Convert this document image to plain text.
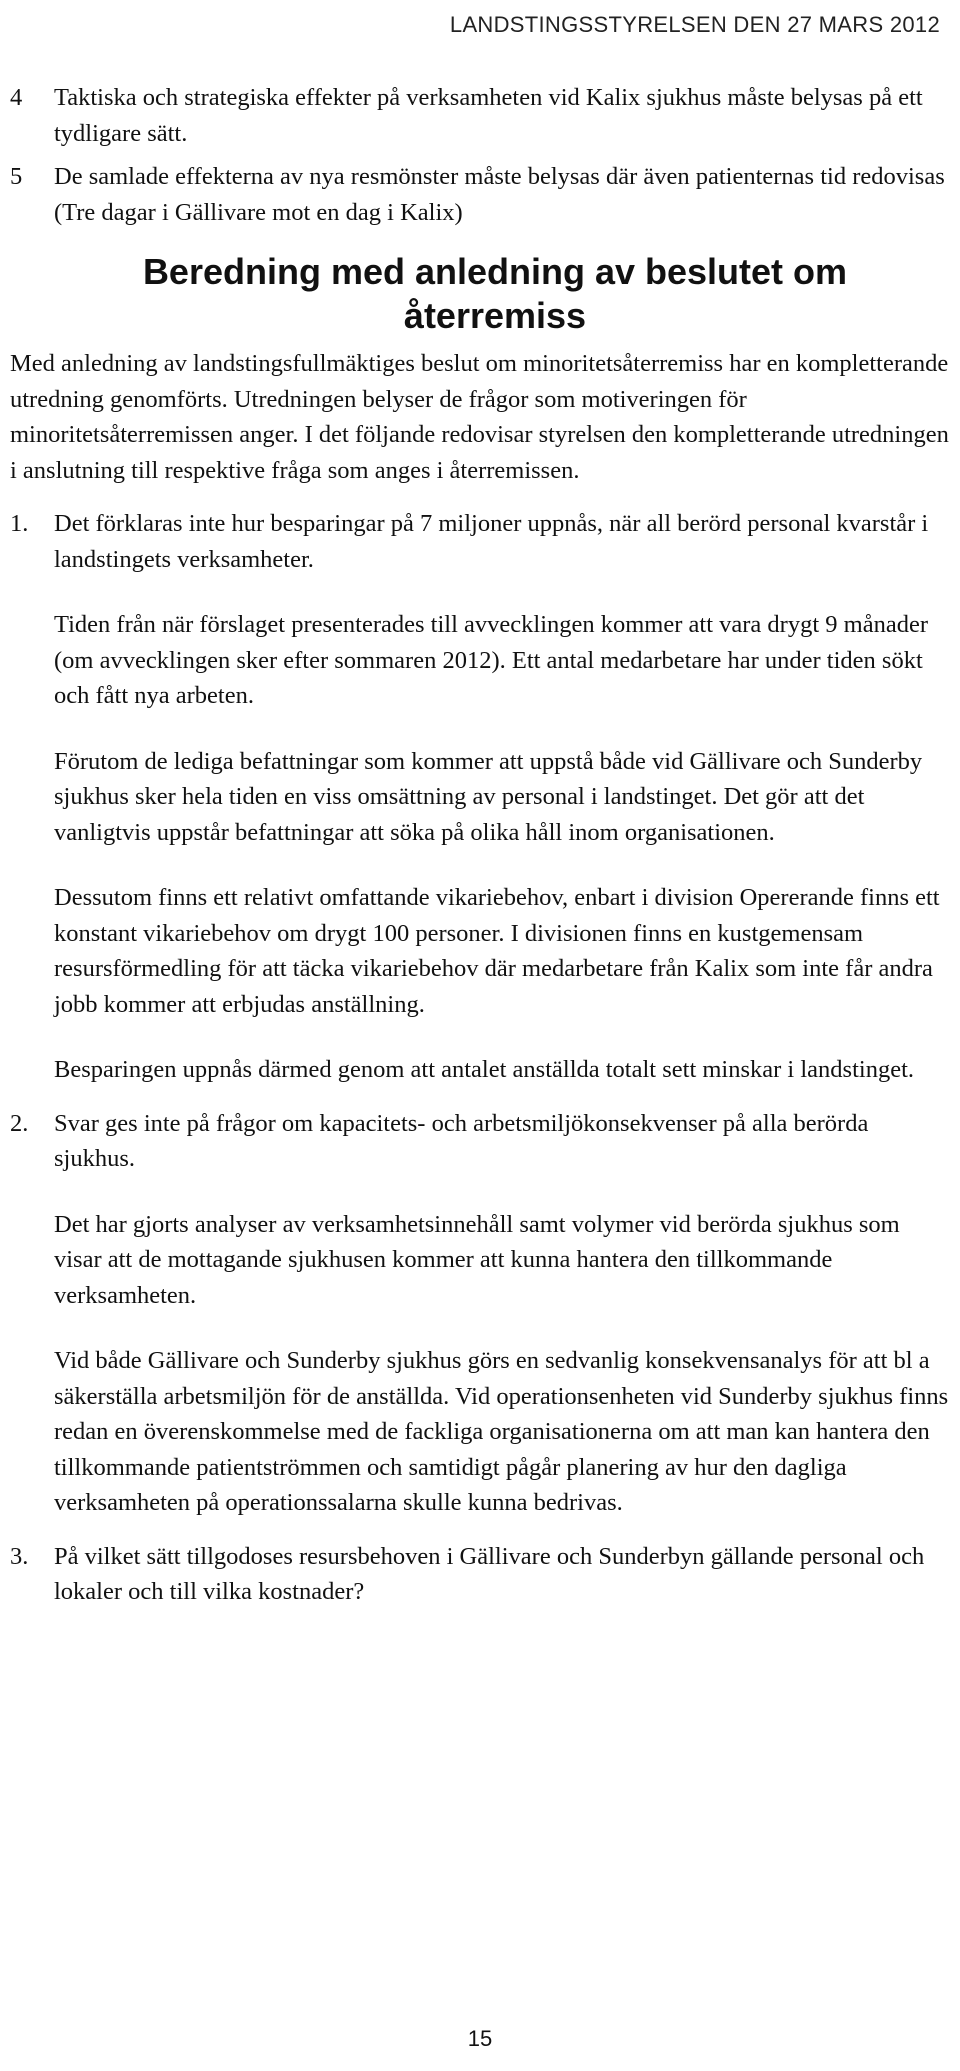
LANDSTINGSSTYRELSEN DEN 27 MARS 2012
4 Taktiska och strategiska effekter på verksamheten vid Kalix sjukhus måste belysas på ett tydligare sätt.

5 De samlade effekterna av nya resmönster måste belysas där även patienternas tid redovisas (Tre dagar i Gällivare mot en dag i Kalix)

Beredning med anledning av beslutet om återremiss

Med anledning av landstingsfullmäktiges beslut om minoritetsåterremiss har en kompletterande utredning genomförts. Utredningen belyser de frågor som motiveringen för minoritetsåterremissen anger. I det följande redovisar styrelsen den kompletterande utredningen i anslutning till respektive fråga som anges i återremissen.

1. Det förklaras inte hur besparingar på 7 miljoner uppnås, när all berörd personal kvarstår i landstingets verksamheter.

Tiden från när förslaget presenterades till avvecklingen kommer att vara drygt 9 månader (om avvecklingen sker efter sommaren 2012). Ett antal medarbetare har under tiden sökt och fått nya arbeten.

Förutom de lediga befattningar som kommer att uppstå både vid Gällivare och Sunderby sjukhus sker hela tiden en viss omsättning av personal i landstinget. Det gör att det vanligtvis uppstår befattningar att söka på olika håll inom organisationen.

Dessutom finns ett relativt omfattande vikariebehov, enbart i division Opererande finns ett konstant vikariebehov om drygt 100 personer. I divisionen finns en kustgemensam resursförmedling för att täcka vikariebehov där medarbetare från Kalix som inte får andra jobb kommer att erbjudas anställning.

Besparingen uppnås därmed genom att antalet anställda totalt sett minskar i landstinget.

2. Svar ges inte på frågor om kapacitets- och arbetsmiljökonsekvenser på alla berörda sjukhus.

Det har gjorts analyser av verksamhetsinnehåll samt volymer vid berörda sjukhus som visar att de mottagande sjukhusen kommer att kunna hantera den tillkommande verksamheten.

Vid både Gällivare och Sunderby sjukhus görs en sedvanlig konsekvensanalys för att bl a säkerställa arbetsmiljön för de anställda. Vid operationsenheten vid Sunderby sjukhus finns redan en överenskommelse med de fackliga organisationerna om att man kan hantera den tillkommande patientströmmen och samtidigt pågår planering av hur den dagliga verksamheten på operationssalarna skulle kunna bedrivas.

3. På vilket sätt tillgodoses resursbehoven i Gällivare och Sunderbyn gällande personal och lokaler och till vilka kostnader?

15
